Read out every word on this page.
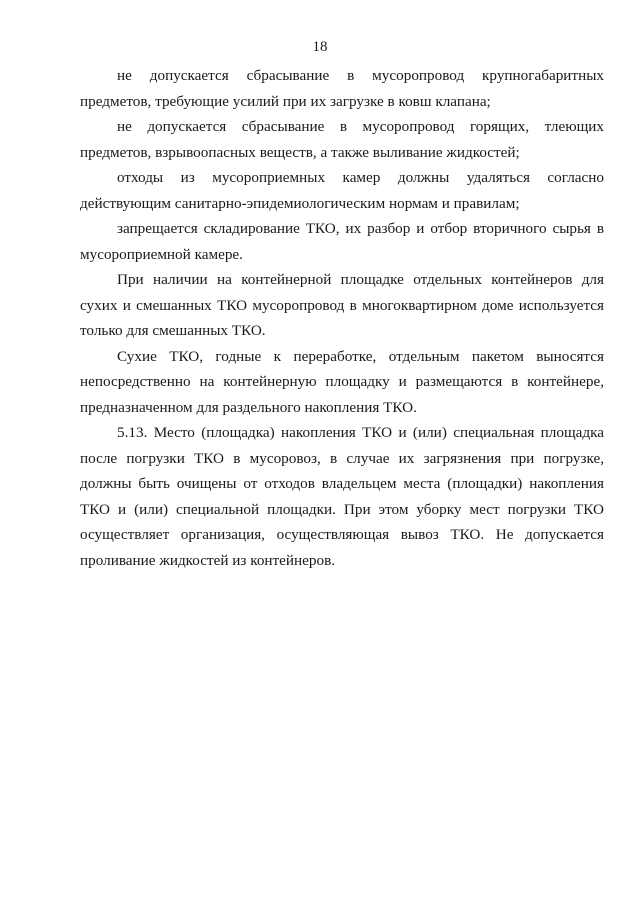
18

не допускается сбрасывание в мусоропровод крупногабаритных предметов, требующие усилий при их загрузке в ковш клапана;

не допускается сбрасывание в мусоропровод горящих, тлеющих предметов, взрывоопасных веществ, а также выливание жидкостей;

отходы из мусороприемных камер должны удаляться согласно действующим санитарно-эпидемиологическим нормам и правилам;

запрещается складирование ТКО, их разбор и отбор вторичного сырья в мусороприемной камере.

При наличии на контейнерной площадке отдельных контейнеров для сухих и смешанных ТКО мусоропровод в многоквартирном доме используется только для смешанных ТКО.

Сухие ТКО, годные к переработке, отдельным пакетом выносятся непосредственно на контейнерную площадку и размещаются в контейнере, предназначенном для раздельного накопления ТКО.

5.13. Место (площадка) накопления ТКО и (или) специальная площадка после погрузки ТКО в мусоровоз, в случае их загрязнения при погрузке, должны быть очищены от отходов владельцем места (площадки) накопления ТКО и (или) специальной площадки. При этом уборку мест погрузки ТКО осуществляет организация, осуществляющая вывоз ТКО. Не допускается проливание жидкостей из контейнеров.
